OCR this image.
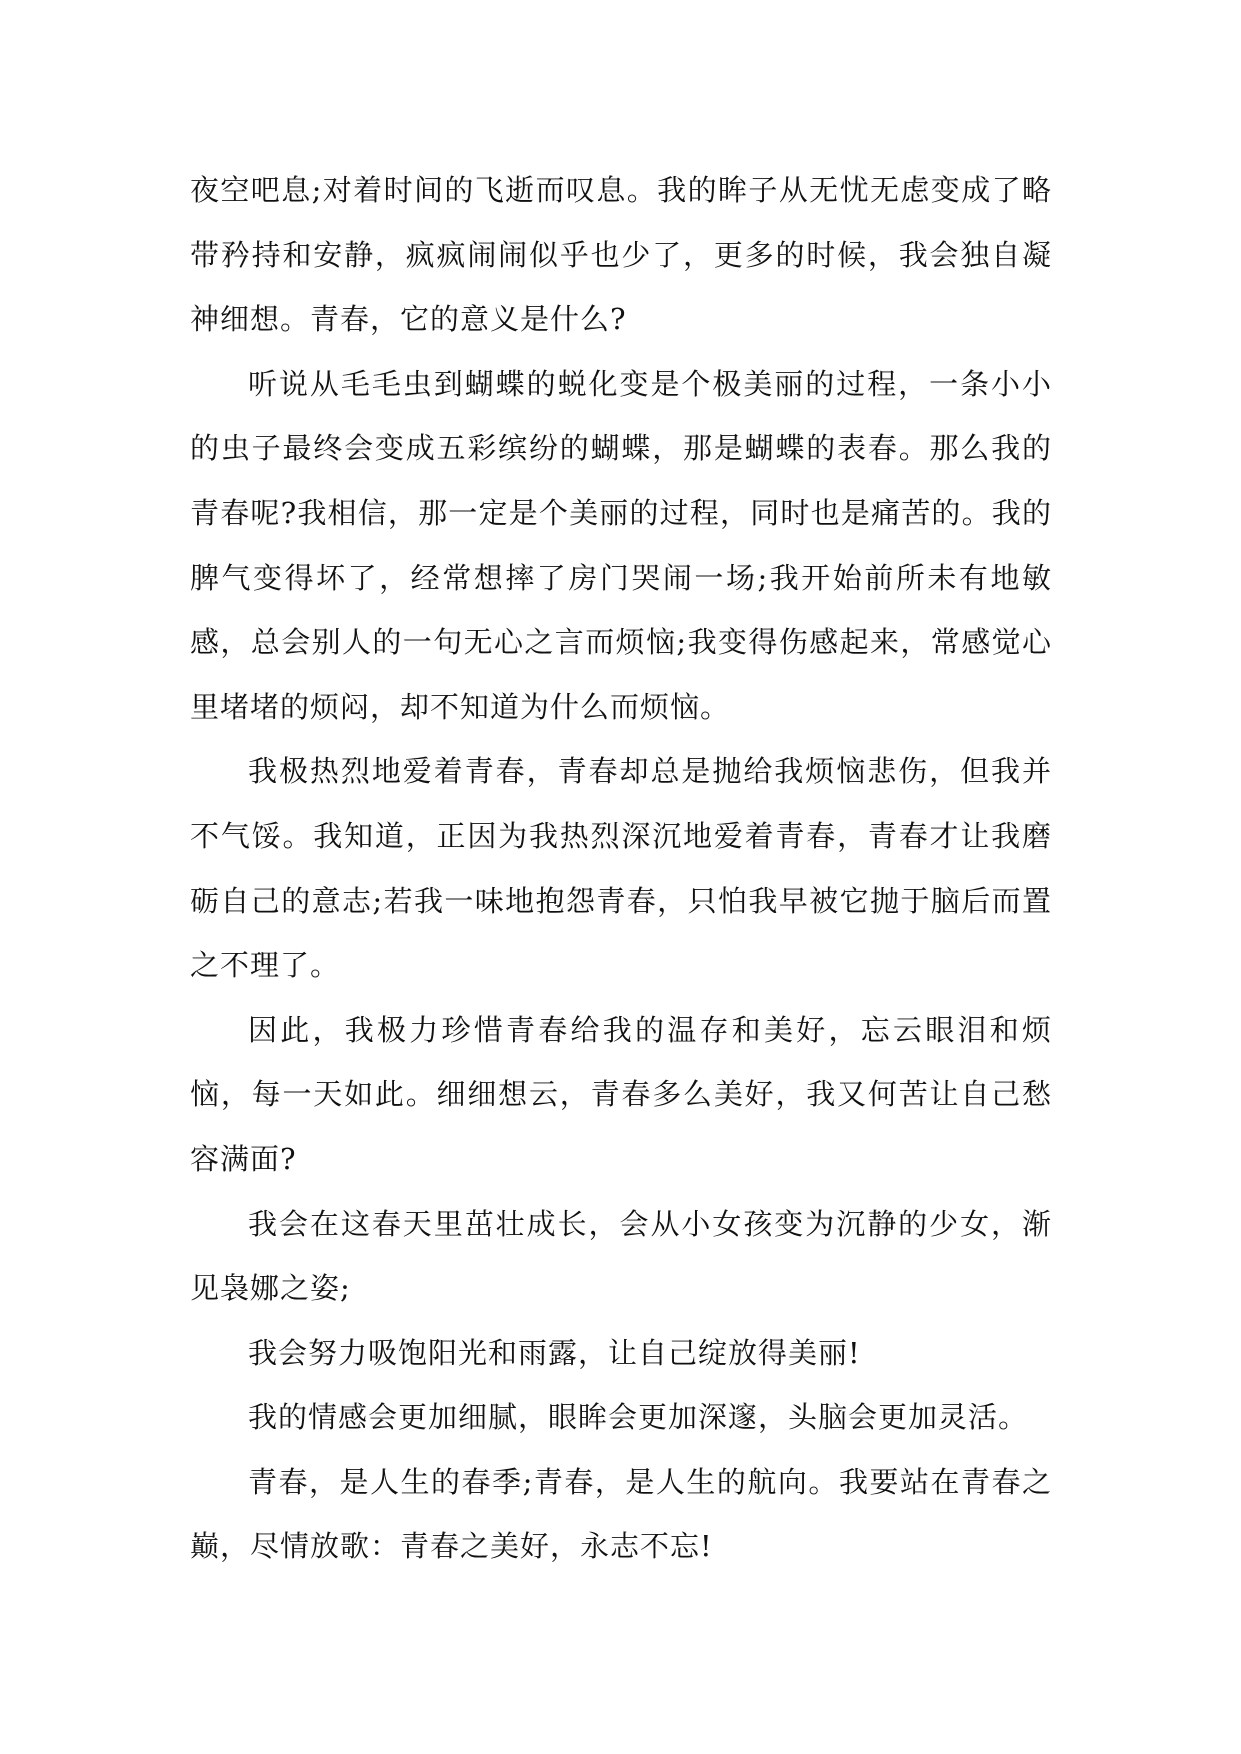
夜空吧息;对着时间的飞逝而叹息。我的眸子从无忧无虑变成了略带矜持和安静，疯疯闹闹似乎也少了，更多的时候，我会独自凝神细想。青春，它的意义是什么?

听说从毛毛虫到蝴蝶的蜕化变是个极美丽的过程，一条小小的虫子最终会变成五彩缤纷的蝴蝶，那是蝴蝶的表春。那么我的青春呢?我相信，那一定是个美丽的过程，同时也是痛苦的。我的脾气变得坏了，经常想摔了房门哭闹一场;我开始前所未有地敏感，总会别人的一句无心之言而烦恼;我变得伤感起来，常感觉心里堵堵的烦闷，却不知道为什么而烦恼。

我极热烈地爱着青春，青春却总是抛给我烦恼悲伤，但我并不气馁。我知道，正因为我热烈深沉地爱着青春，青春才让我磨砺自己的意志;若我一味地抱怨青春，只怕我早被它抛于脑后而置之不理了。

因此，我极力珍惜青春给我的温存和美好，忘云眼泪和烦恼，每一天如此。细细想云，青春多么美好，我又何苦让自己愁容满面?

我会在这春天里茁壮成长，会从小女孩变为沉静的少女，渐见袅娜之姿;

我会努力吸饱阳光和雨露，让自己绽放得美丽!

我的情感会更加细腻，眼眸会更加深邃，头脑会更加灵活。

青春，是人生的春季;青春，是人生的航向。我要站在青春之巅，尽情放歌：青春之美好，永志不忘!
